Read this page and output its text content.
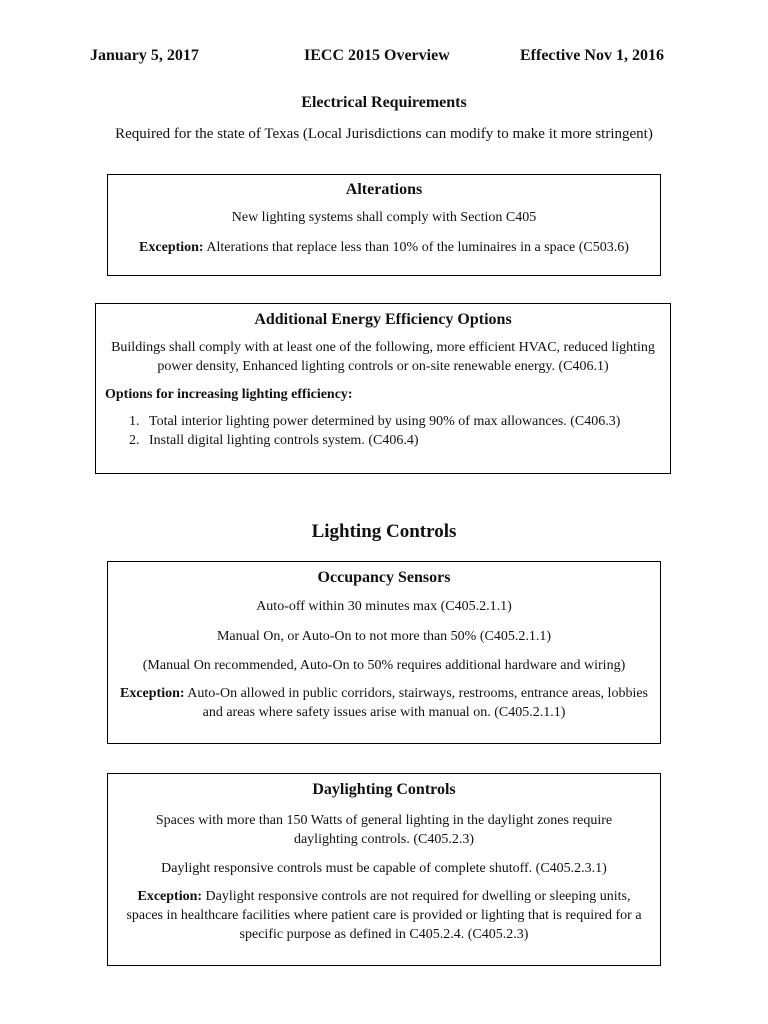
January 5, 2017	IECC 2015 Overview	Effective Nov 1, 2016
Electrical Requirements
Required for the state of Texas (Local Jurisdictions can modify to make it more stringent)
Alterations
New lighting systems shall comply with Section C405
Exception: Alterations that replace less than 10% of the luminaires in a space (C503.6)
Additional Energy Efficiency Options
Buildings shall comply with at least one of the following, more efficient HVAC, reduced lighting power density, Enhanced lighting controls or on-site renewable energy. (C406.1)
Options for increasing lighting efficiency:
1. Total interior lighting power determined by using 90% of max allowances. (C406.3)
2. Install digital lighting controls system. (C406.4)
Lighting Controls
Occupancy Sensors
Auto-off within 30 minutes max (C405.2.1.1)
Manual On, or Auto-On to not more than 50% (C405.2.1.1)
(Manual On recommended, Auto-On to 50% requires additional hardware and wiring)
Exception: Auto-On allowed in public corridors, stairways, restrooms, entrance areas, lobbies and areas where safety issues arise with manual on. (C405.2.1.1)
Daylighting Controls
Spaces with more than 150 Watts of general lighting in the daylight zones require daylighting controls. (C405.2.3)
Daylight responsive controls must be capable of complete shutoff. (C405.2.3.1)
Exception: Daylight responsive controls are not required for dwelling or sleeping units, spaces in healthcare facilities where patient care is provided or lighting that is required for a specific purpose as defined in C405.2.4. (C405.2.3)
